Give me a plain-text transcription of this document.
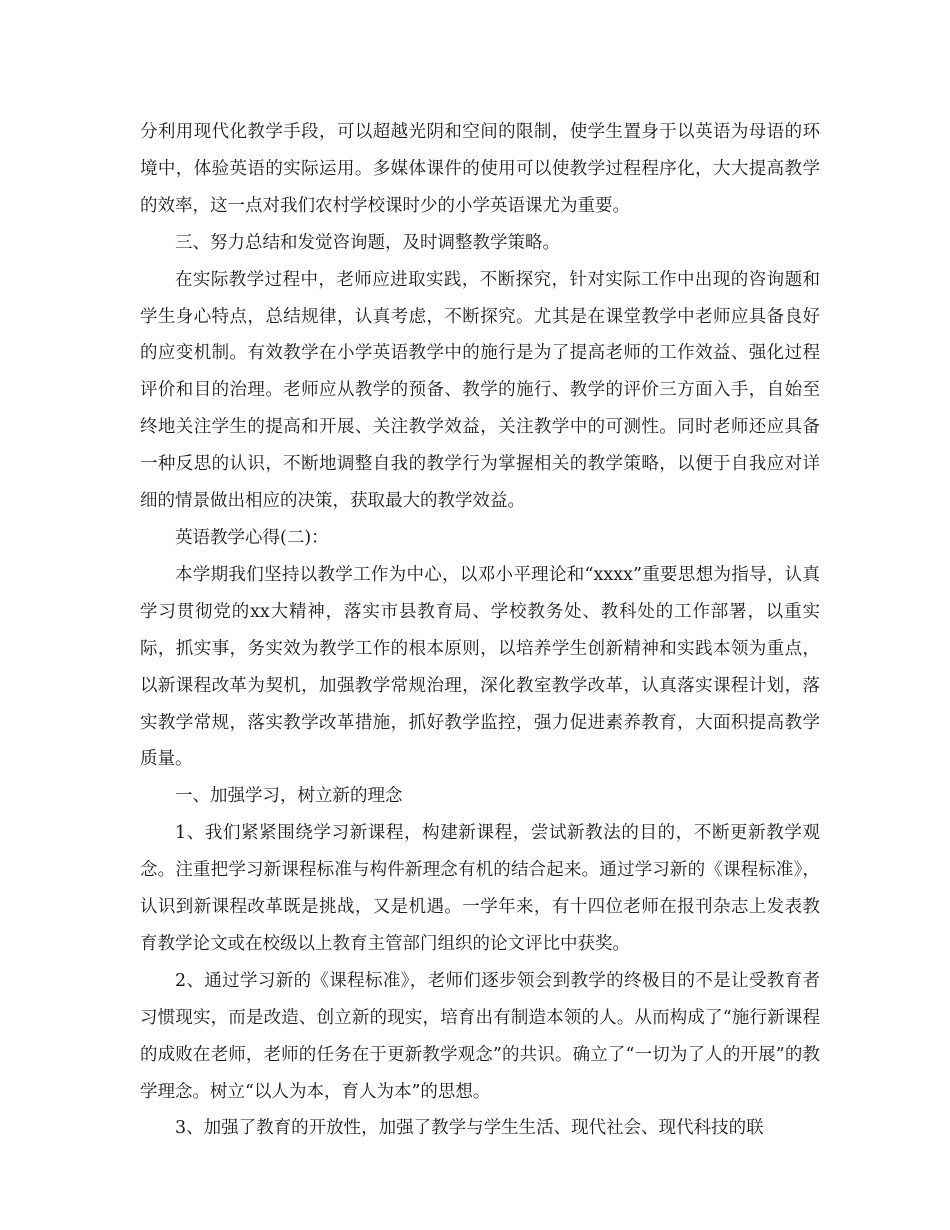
分利用现代化教学手段，可以超越光阴和空间的限制，使学生置身于以英语为母语的环境中，体验英语的实际运用。多媒体课件的使用可以使教学过程程序化，大大提高教学的效率，这一点对我们农村学校课时少的小学英语课尤为重要。

三、努力总结和发觉咨询题，及时调整教学策略。

在实际教学过程中，老师应进取实践，不断探究，针对实际工作中出现的咨询题和学生身心特点，总结规律，认真考虑，不断探究。尤其是在课堂教学中老师应具备良好的应变机制。有效教学在小学英语教学中的施行是为了提高老师的工作效益、强化过程评价和目的治理。老师应从教学的预备、教学的施行、教学的评价三方面入手，自始至终地关注学生的提高和开展、关注教学效益，关注教学中的可测性。同时老师还应具备一种反思的认识，不断地调整自我的教学行为掌握相关的教学策略，以便于自我应对详细的情景做出相应的决策，获取最大的教学效益。

英语教学心得(二)：

本学期我们坚持以教学工作为中心，以邓小平理论和“xxxx”重要思想为指导，认真学习贯彻党的xx大精神，落实市县教育局、学校教务处、教科处的工作部署，以重实际，抓实事，务实效为教学工作的根本原则，以培养学生创新精神和实践本领为重点，以新课程改革为契机，加强教学常规治理，深化教室教学改革，认真落实课程计划，落实教学常规，落实教学改革措施，抓好教学监控，强力促进素养教育，大面积提高教学质量。

一、加强学习，树立新的理念

1、我们紧紧围绕学习新课程，构建新课程，尝试新教法的目的，不断更新教学观念。注重把学习新课程标准与构件新理念有机的结合起来。通过学习新的《课程标准》，认识到新课程改革既是挑战，又是机遇。一学年来，有十四位老师在报刊杂志上发表教育教学论文或在校级以上教育主管部门组织的论文评比中获奖。

2、通过学习新的《课程标准》，老师们逐步领会到教学的终极目的不是让受教育者习惯现实，而是改造、创立新的现实，培育出有制造本领的人。从而构成了“施行新课程的成败在老师，老师的任务在于更新教学观念”的共识。确立了“一切为了人的开展”的教学理念。树立“以人为本，育人为本”的思想。

3、加强了教育的开放性，加强了教学与学生生活、现代社会、现代科技的联
